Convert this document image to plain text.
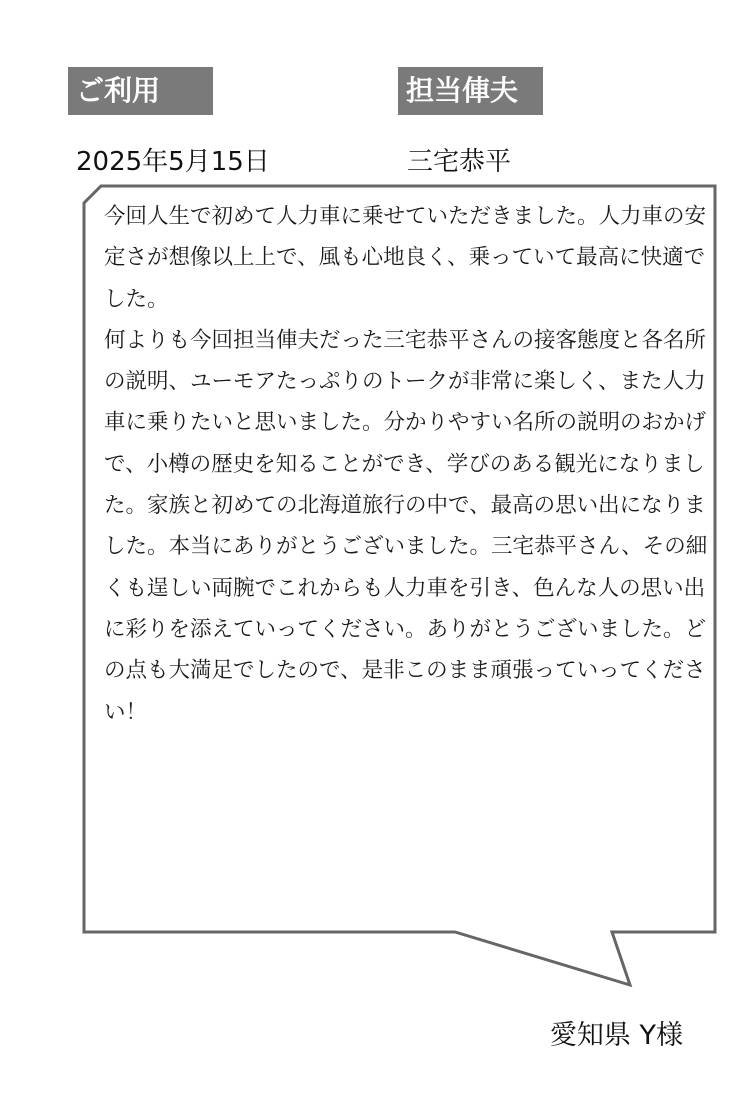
ご利用	担当俥夫
2025年5月15日	三宅恭平
今回人生で初めて人力車に乗せていただきました。人力車の安定さが想像以上上で、風も心地良く、乗っていて最高に快適でした。
何よりも今回担当俥夫だった三宅恭平さんの接客態度と各名所の説明、ユーモアたっぷりのトークが非常に楽しく、また人力車に乗りたいと思いました。分かりやすい名所の説明のおかげで、小樽の歴史を知ることができ、学びのある観光になりました。家族と初めての北海道旅行の中で、最高の思い出になりました。本当にありがとうございました。三宅恭平さん、その細くも逞しい両腕でこれからも人力車を引き、色んな人の思い出に彩りを添えていってください。ありがとうございました。どの点も大満足でしたので、是非このまま頑張っていってください！
愛知県 Y様
